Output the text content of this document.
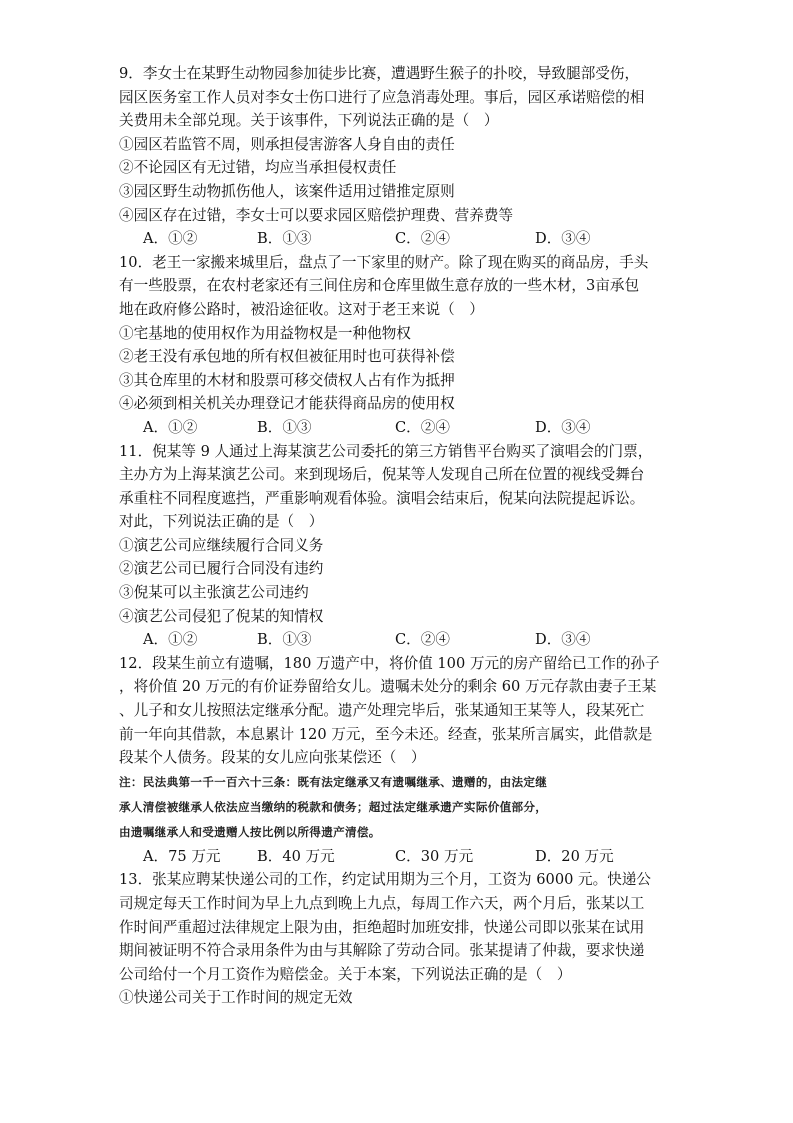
9．李女士在某野生动物园参加徒步比赛，遭遇野生猴子的扑咬，导致腿部受伤，
园区医务室工作人员对李女士伤口进行了应急消毒处理。事后，园区承诺赔偿的相
关费用未全部兑现。关于该事件，下列说法正确的是（　）
①园区若监管不周，则承担侵害游客人身自由的责任
②不论园区有无过错，均应当承担侵权责任
③园区野生动物抓伤他人，该案件适用过错推定原则
④园区存在过错，李女士可以要求园区赔偿护理费、营养费等
A．①②	B．①③	C．②④	D．③④
10．老王一家搬来城里后，盘点了一下家里的财产。除了现在购买的商品房，手头
有一些股票，在农村老家还有三间住房和仓库里做生意存放的一些木材，3亩承包
地在政府修公路时，被沿途征收。这对于老王来说（　）
①宅基地的使用权作为用益物权是一种他物权
②老王没有承包地的所有权但被征用时也可获得补偿
③其仓库里的木材和股票可移交债权人占有作为抵押
④必须到相关机关办理登记才能获得商品房的使用权
A．①②	B．①③	C．②④	D．③④
11．倪某等 9 人通过上海某演艺公司委托的第三方销售平台购买了演唱会的门票，
主办方为上海某演艺公司。来到现场后，倪某等人发现自己所在位置的视线受舞台
承重柱不同程度遮挡，严重影响观看体验。演唱会结束后，倪某向法院提起诉讼。
对此，下列说法正确的是（　）
①演艺公司应继续履行合同义务
②演艺公司已履行合同没有违约
③倪某可以主张演艺公司违约
④演艺公司侵犯了倪某的知情权
A．①②	B．①③	C．②④	D．③④
12．段某生前立有遗嘱，180 万遗产中，将价值 100 万元的房产留给已工作的孙子
，将价值 20 万元的有价证券留给女儿。遗嘱未处分的剩余 60 万元存款由妻子王某
、儿子和女儿按照法定继承分配。遗产处理完毕后，张某通知王某等人，段某死亡
前一年向其借款，本息累计 120 万元，至今未还。经查，张某所言属实，此借款是
段某个人债务。段某的女儿应向张某偿还（　）
注：民法典第一千一百六十三条：既有法定继承又有遗嘱继承、遗赠的，由法定继
承人清偿被继承人依法应当缴纳的税款和债务；超过法定继承遗产实际价值部分，
由遗嘱继承人和受遗赠人按比例以所得遗产清偿。
A．75 万元 B．40 万元	C．30 万元	D．20 万元
13．张某应聘某快递公司的工作，约定试用期为三个月，工资为 6000 元。快递公
司规定每天工作时间为早上九点到晚上九点，每周工作六天，两个月后，张某以工
作时间严重超过法律规定上限为由，拒绝超时加班安排，快递公司即以张某在试用
期间被证明不符合录用条件为由与其解除了劳动合同。张某提请了仲裁，要求快递
公司给付一个月工资作为赔偿金。关于本案，下列说法正确的是（　）
①快递公司关于工作时间的规定无效
